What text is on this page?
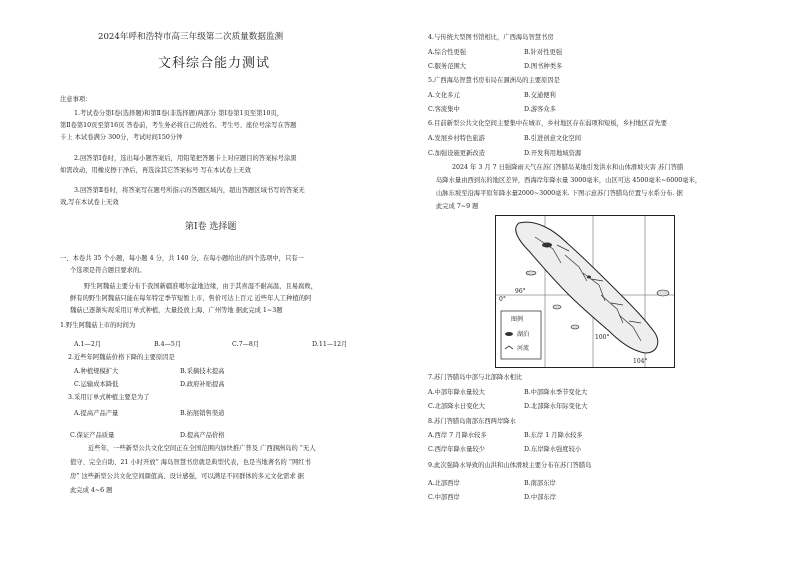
2024年呼和浩特市高三年级第二次质量数据监测
文科综合能力测试
注意事项：
1.考试卷分第Ⅰ卷(选择题)和第Ⅱ卷(非选择题)两部分 第Ⅰ卷第1页至第10页，
第Ⅱ卷第10页至第16页 答卷前，考生务必将自己的姓名、考生号、座位号涂写在答题
卡上 本试卷满分 300分，考试时间150分钟
2.回答第Ⅰ卷时，选出每小题答案后，用铅笔把答题卡上对应题目的答案标号涂黑
如需改动，用橡皮擦干净后，再选涂其它答案标号 写在本试卷上无效
3.回答第Ⅱ卷时，将答案写在题号所指示的答题区域内，超出答题区域书写的答案无
效,写在本试卷上无效
第Ⅰ卷 选择题
一、本卷共 35 个小题，每小题 4 分，共 140 分，在每小题给出的四个选项中，只有一
个选项是符合题目要求的。
野生阿魏菇主要分布于我国新疆准噶尔盆地边缘，由于其喜湿不耐高温，且易腐败，
鲜有的野生阿魏菇只能在每年特定季节短暂上市，售价可达上百元 近些年人工种植的阿
魏菇已逐渐实现采用订单式种植，大量投放上海、广州等地 据此完成 1~3题
1.野生阿魏菇上市的时间为
A.1—2月	B.4—5月	C.7—8月	D.11—12月
2.近些年阿魏菇价格下降的主要原因是
A.种植规模扩大	B.采摘技术提高
C.运输成本降低	D.政府补贴提高
3.采用订单式种植主要是为了
A.提高产品产量	B.拓展销售渠道
C.保证产品质量	D.提高产品价格
近些年，一些新型公共文化空间正在全国范围内加快推广普及 广西涠洲岛的 “无人
值守、完全自助、21 小时开放” 海岛智慧书房就是典型代表，也是当地著名的 “网红书
房” 这些新型公共文化空间颜值高、设计感强，可以满足不同群体的多元文化需求 据
此完成 4~6 题
4.与传统大型图书馆相比，广西海岛智慧书房
A.综合性更强	B.针对性更强
C.服务范围大	D.图书种类多
5.广西海岛智慧书房布局在涠洲岛的主要原因是
A.文化多元	B.交通便利
C.客流集中	D.游客众多
6.目前新型公共文化空间主要集中在城市，乡村地区存在弱项和短板，乡村地区首先要
A.发展乡村特色旅游	B.引进创意文化空间
C.加强设施更新改造	D.开发利用地域资源
2024 年 3 月 7 日强降雨天气在苏门答腊岛某地引发洪水和山体滑坡灾害 苏门答腊
岛降水量由西到东的地区差异，西海岸年降水量 3000毫米，山区可达 4500毫米~6000毫米，
山脉东坡至沿海平原年降水量2000~3000毫米. 下图示意苏门答腊岛位置与水系分布. 据
此完成 7~9 题
96°
100°
104°
0°
图例
湖泊
河流
7.苏门答腊岛中部与北部降水相比
A.中部年降水量较大	B.中部降水季节变化大
C.北部降水日变化大	D.北部降水年际变化大
8.苏门答腊岛南部东西两岸降水
A.西岸 7 月降水较多	B.东岸 1 月降水较多
C.西岸年降水量较少	D.东岸降水强度较小
9.此次强降水导致的山洪和山体滑坡主要分布在苏门答腊岛
A.北部西岸	B.南部东岸
C.中部西岸	D.中部东岸
